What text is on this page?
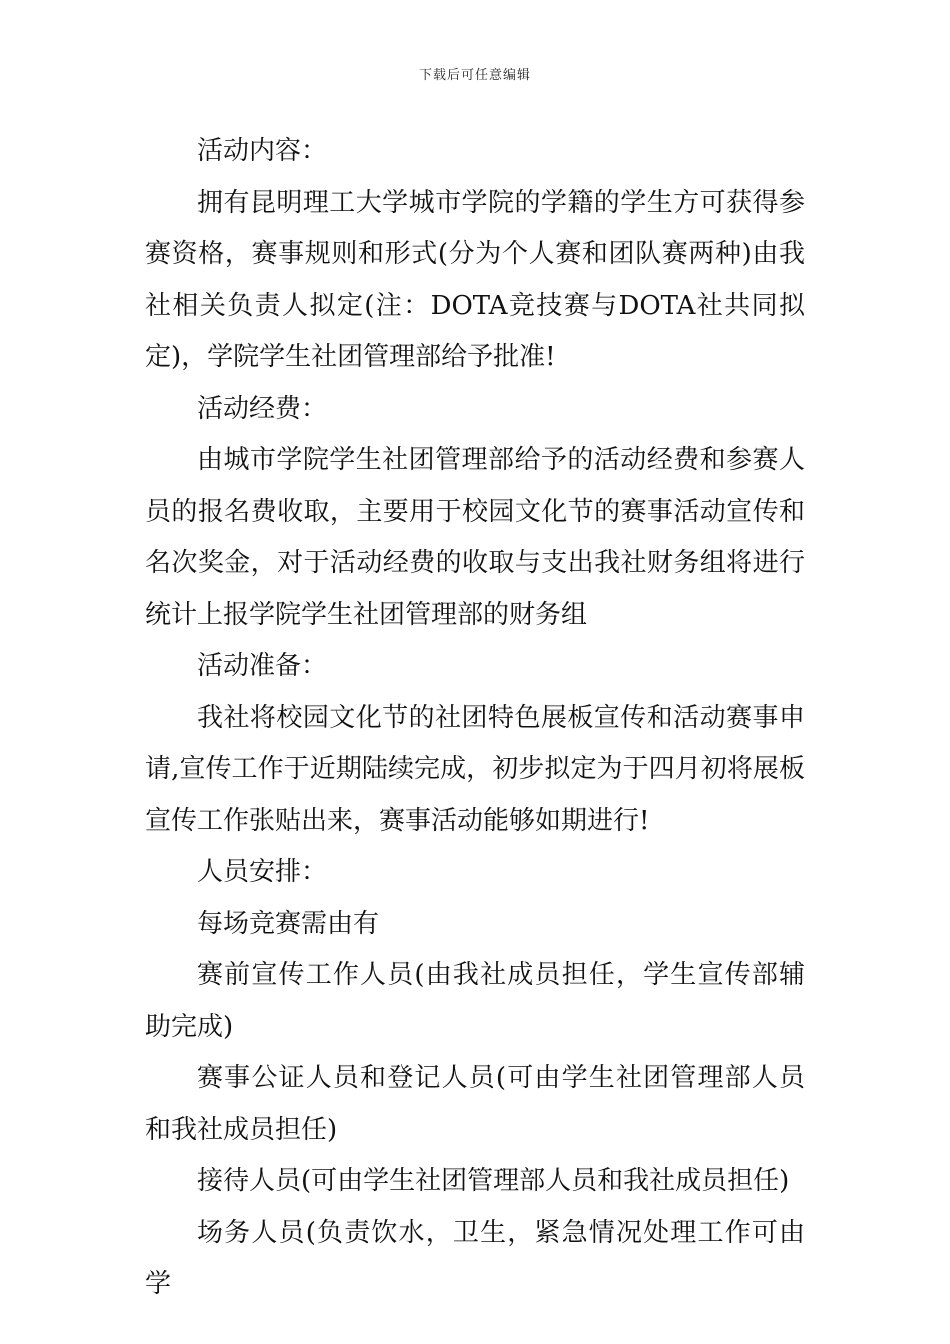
下载后可任意编辑

活动内容：

拥有昆明理工大学城市学院的学籍的学生方可获得参赛资格，赛事规则和形式(分为个人赛和团队赛两种)由我社相关负责人拟定(注：DOTA竞技赛与DOTA社共同拟定)，学院学生社团管理部给予批准!

活动经费：

由城市学院学生社团管理部给予的活动经费和参赛人员的报名费收取，主要用于校园文化节的赛事活动宣传和名次奖金，对于活动经费的收取与支出我社财务组将进行统计上报学院学生社团管理部的财务组

活动准备：

我社将校园文化节的社团特色展板宣传和活动赛事申请,宣传工作于近期陆续完成，初步拟定为于四月初将展板宣传工作张贴出来，赛事活动能够如期进行!

人员安排：

每场竞赛需由有

赛前宣传工作人员(由我社成员担任，学生宣传部辅助完成)

赛事公证人员和登记人员(可由学生社团管理部人员和我社成员担任)

接待人员(可由学生社团管理部人员和我社成员担任)

场务人员(负责饮水，卫生，紧急情况处理工作可由学
